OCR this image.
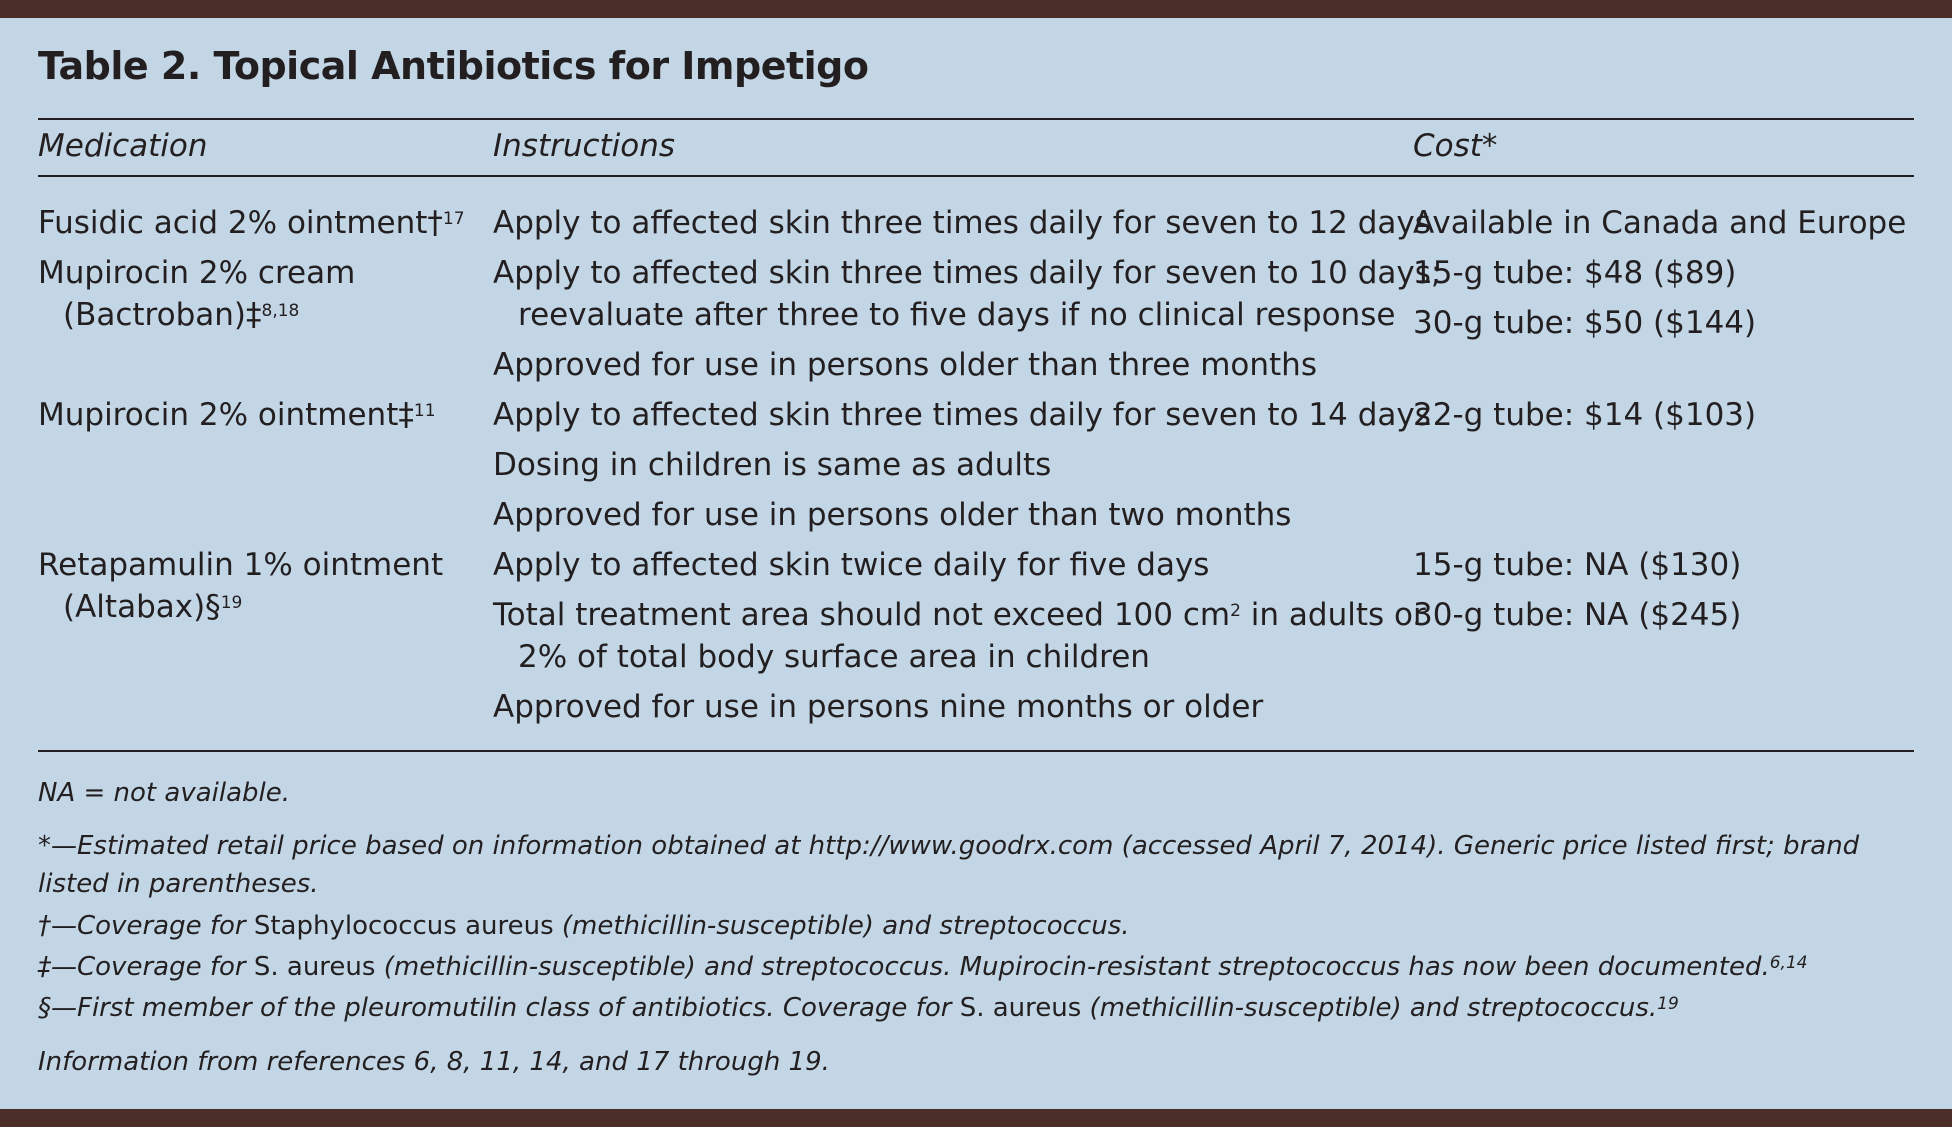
Table 2. Topical Antibiotics for Impetigo
Medication	Instructions	Cost*
Fusidic acid 2% ointment†$^{17}$ Apply to affected skin three times daily for seven to 12 days
Available in Canada and Europe
Mupirocin 2% cream
(Bactroban)‡$^{8,18}$
Apply to affected skin three times daily for seven to 10 days;
reevaluate after three to five days if no clinical response
Approved for use in persons older than three months
15-g tube: $48 ($89)
30-g tube: $50 ($144)
Mupirocin 2% ointment‡$^{11}$ Apply to affected skin three times daily for seven to 14 days
Dosing in children is same as adults
Approved for use in persons older than two months
22-g tube: $14 ($103)
Retapamulin 1% ointment
(Altabax)§$^{19}$
Apply to affected skin twice daily for five days
Total treatment area should not exceed 100 $cm^2$ in adults or
2% of total body surface area in children
Approved for use in persons nine months or older
15-g tube: NA ($130)
30-g tube: NA ($245)
NA = not available.
*—Estimated retail price based on information obtained at http://www.goodrx.com (accessed April 7, 2014). Generic price listed first; brand listed in parentheses.
†—Coverage for Staphylococcus aureus (methicillin-susceptible) and streptococcus.
‡—Coverage for S. aureus (methicillin-susceptible) and streptococcus. Mupirocin-resistant streptococcus has now been documented.$^{6,14}$
§—First member of the pleuromutilin class of antibiotics. Coverage for S. aureus (methicillin-susceptible) and streptococcus.$^{19}$
Information from references 6, 8, 11, 14, and 17 through 19.
